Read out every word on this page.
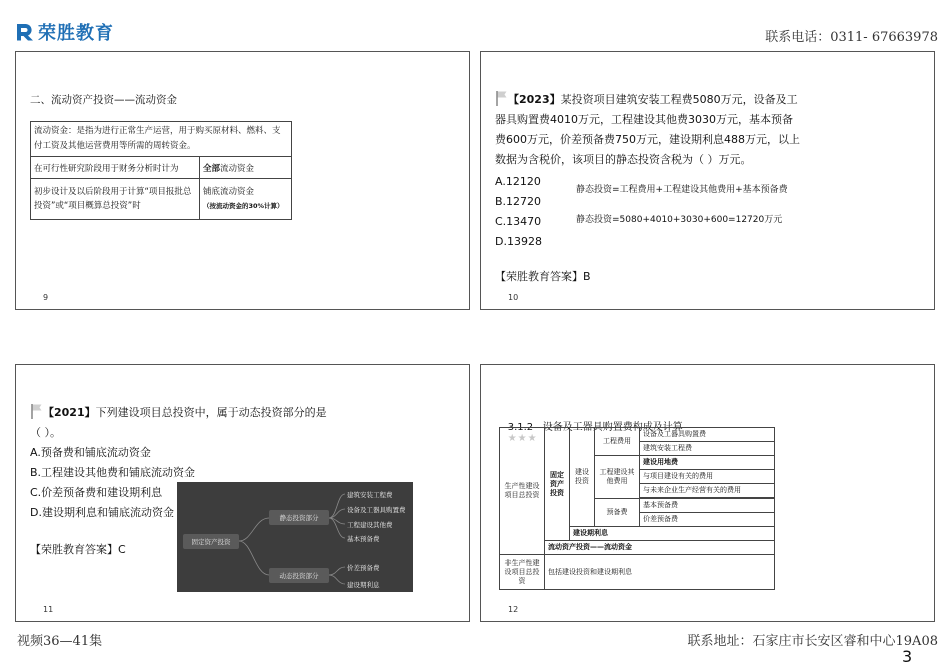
荣胜教育	联系电话：0311- 67663978
二、流动资产投资——流动资金
流动资金：是指为进行正常生产运营，用于购买原材料、燃料、支付工资及其他运营费用等所需的周转资金。	
在可行性研究阶段用于财务分析时计为	全部流动资金
初步设计及以后阶段用于计算“项目报批总投资”或“项目概算总投资”时	铺底流动资金
（按流动资金的30%计算）
9
【2023】某投资项目建筑安装工程费5080万元，设备及工
器具购置费4010万元，工程建设其他费3030万元，基本预备
费600万元，价差预备费750万元，建设期利息488万元，以上
数据为含税价，该项目的静态投资含税为（ ）万元。
A.12120
B.12720
C.13470
D.13928
静态投资=工程费用+工程建设其他费用+基本预备费
静态投资=5080+4010+3030+600=12720万元
【荣胜教育答案】B
10
【2021】下列建设项目总投资中，属于动态投资部分的是
（ ）。
A.预备费和铺底流动资金
B.工程建设其他费和铺底流动资金
C.价差预备费和建设期利息
D.建设期利息和铺底流动资金
【荣胜教育答案】C
固定资产投资
静态投资部分
动态投资部分
建筑安装工程费
设备及工器具购置费
工程建设其他费
基本预备费
价差预备费
建设期利息
11

3.1.2   设备及工器具购置费构成及计算
★★★

生产性建设项目总投资	固定资产投资	建设投资	工程费用	设备及工器具购置费
				建筑安装工程费
			工程建设其他费用	建设用地费
				与项目建设有关的费用
				与未来企业生产经营有关的费用

			预备费	基本预备费
				价差预备费
		建设期利息		
	流动资产投资——流动资金			
非生产性建设项目总投资	包括建设投资和建设期利息			
12
视频36—41集	联系地址：石家庄市长安区睿和中心19A08
3
